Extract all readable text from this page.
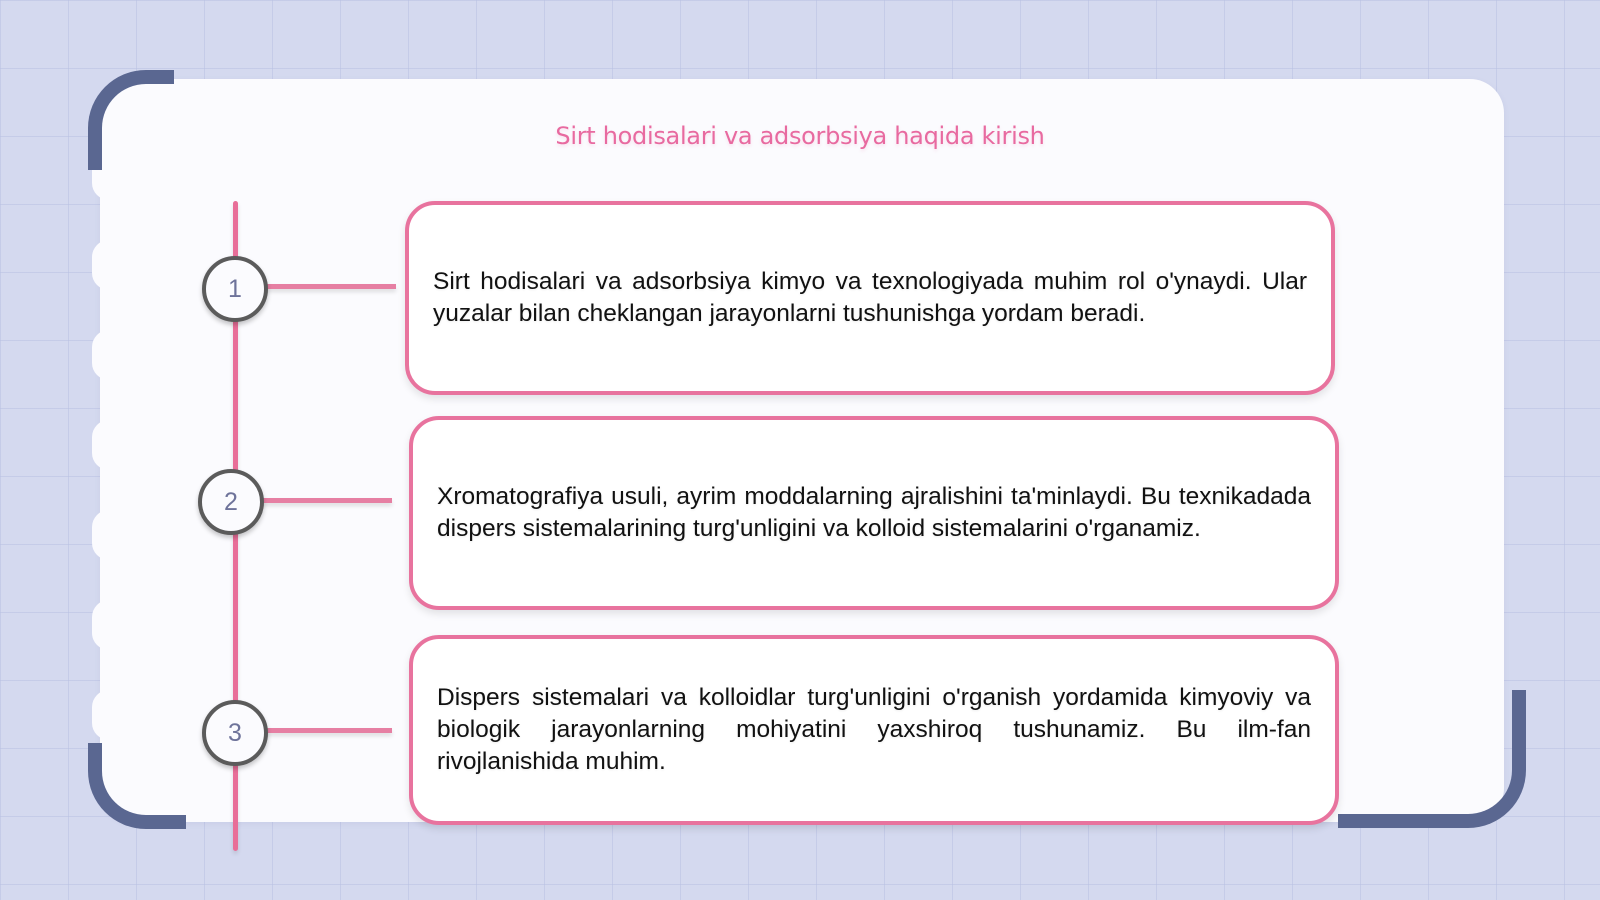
Sirt hodisalari va adsorbsiya haqida kirish
1	Sirt hodisalari va adsorbsiya kimyo va texnologiyada muhim rol o'ynaydi. Ular yuzalar bilan cheklangan jarayonlarni tushunishga yordam beradi.

2	Xromatografiya usuli, ayrim moddalarning ajralishini ta'minlaydi. Bu texnikadada dispers sistemalarining turg'unligini va kolloid sistemalarini o'rganamiz.

3

Dispers sistemalari va kolloidlar turg'unligini o'rganish yordamida kimyoviy va biologik jarayonlarning mohiyatini yaxshiroq tushunamiz. Bu ilm-fan rivojlanishida muhim.
